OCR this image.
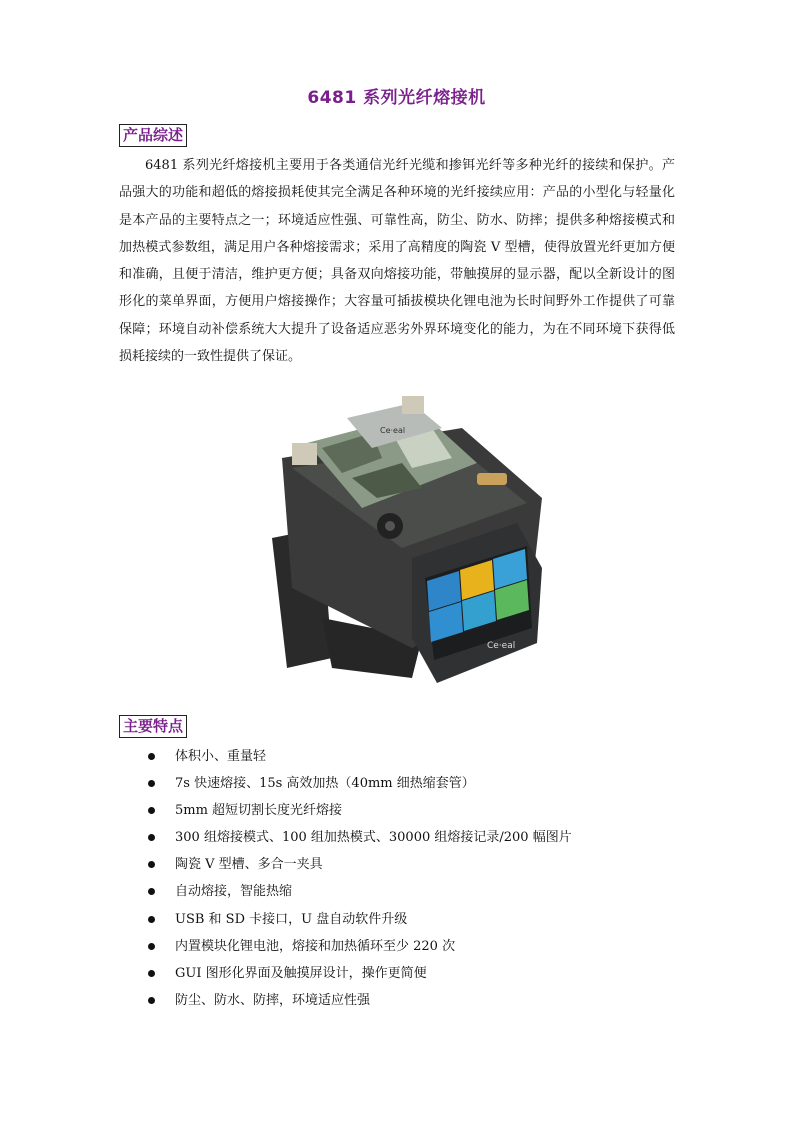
6481 系列光纤熔接机
产品综述
6481 系列光纤熔接机主要用于各类通信光纤光缆和掺铒光纤等多种光纤的接续和保护。产品强大的功能和超低的熔接损耗使其完全满足各种环境的光纤接续应用：产品的小型化与轻量化是本产品的主要特点之一；环境适应性强、可靠性高，防尘、防水、防摔；提供多种熔接模式和加热模式参数组，满足用户各种熔接需求；采用了高精度的陶瓷 V 型槽，使得放置光纤更加方便和准确，且便于清洁，维护更方便；具备双向熔接功能，带触摸屏的显示器，配以全新设计的图形化的菜单界面，方便用户熔接操作；大容量可插拔模块化锂电池为长时间野外工作提供了可靠保障；环境自动补偿系统大大提升了设备适应恶劣外界环境变化的能力，为在不同环境下获得低损耗接续的一致性提供了保证。
Ce·eal
Ce·eal
主要特点
体积小、重量轻
7s 快速熔接、15s 高效加热（40mm 细热缩套管）
5mm 超短切割长度光纤熔接
300 组熔接模式、100 组加热模式、30000 组熔接记录/200 幅图片
陶瓷 V 型槽、多合一夹具
自动熔接，智能热缩
USB 和 SD 卡接口，U 盘自动软件升级
内置模块化锂电池，熔接和加热循环至少 220 次
GUI 图形化界面及触摸屏设计，操作更简便
防尘、防水、防摔，环境适应性强
